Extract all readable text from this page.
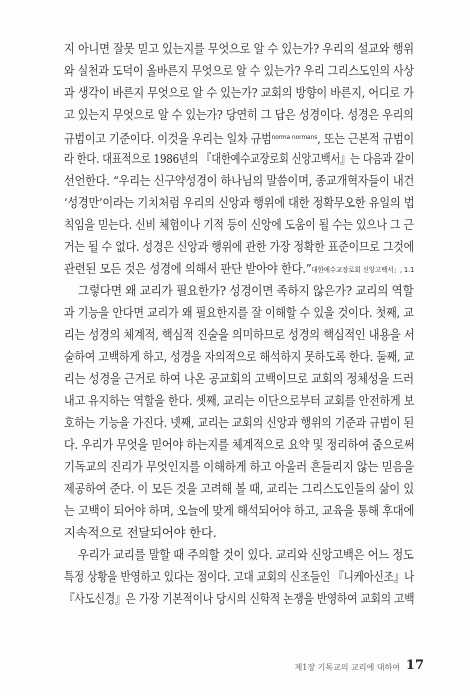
지 아니면 잘못 믿고 있는지를 무엇으로 알 수 있는가? 우리의 설교와 행위
와 실천과 도덕이 올바른지 무엇으로 알 수 있는가? 우리 그리스도인의 사상
과 생각이 바른지 무엇으로 알 수 있는가? 교회의 방향이 바른지, 어디로 가
고 있는지 무엇으로 알 수 있는가? 당연히 그 답은 성경이다. 성경은 우리의
규범이고 기준이다. 이것을 우리는 일차 규범$^{norma normans}$, 또는 근본적 규범이
라 한다. 대표적으로 1986년의 『대한예수교장로회 신앙고백서』는 다음과 같이
선언한다. “우리는 신구약성경이 하나님의 말씀이며, 종교개혁자들이 내건
‘성경만’이라는 기치처럼 우리의 신앙과 행위에 대한 정확무오한 유일의 법
칙임을 믿는다. 신비 체험이나 기적 등이 신앙에 도움이 될 수는 있으나 그 근
거는 될 수 없다. 성경은 신앙과 행위에 관한 가장 정확한 표준이므로 그것에
관련된 모든 것은 성경에 의해서 판단 받아야 한다.”대한예수교장로회 신앙고백서」, 1.1
그렇다면 왜 교리가 필요한가? 성경이면 족하지 않은가? 교리의 역할
과 기능을 안다면 교리가 왜 필요한지를 잘 이해할 수 있을 것이다. 첫째, 교
리는 성경의 체계적, 핵심적 진술을 의미하므로 성경의 핵심적인 내용을 서
술하여 고백하게 하고, 성경을 자의적으로 해석하지 못하도록 한다. 둘째, 교
리는 성경을 근거로 하여 나온 공교회의 고백이므로 교회의 정체성을 드러
내고 유지하는 역할을 한다. 셋째, 교리는 이단으로부터 교회를 안전하게 보
호하는 기능을 가진다. 넷째, 교리는 교회의 신앙과 행위의 기준과 규범이 된
다. 우리가 무엇을 믿어야 하는지를 체계적으로 요약 및 정리하여 줌으로써
기독교의 진리가 무엇인지를 이해하게 하고 아울러 흔들리지 않는 믿음을
제공하여 준다. 이 모든 것을 고려해 볼 때, 교리는 그리스도인들의 삶이 있
는 고백이 되어야 하며, 오늘에 맞게 해석되어야 하고, 교육을 통해 후대에
지속적으로 전달되어야 한다.
우리가 교리를 말할 때 주의할 것이 있다. 교리와 신앙고백은 어느 정도
특정 상황을 반영하고 있다는 점이다. 고대 교회의 신조들인 『니케아신조』나
『사도신경』은 가장 기본적이나 당시의 신학적 논쟁을 반영하여 교회의 고백
제1장 기독교의 교리에 대하여 17
